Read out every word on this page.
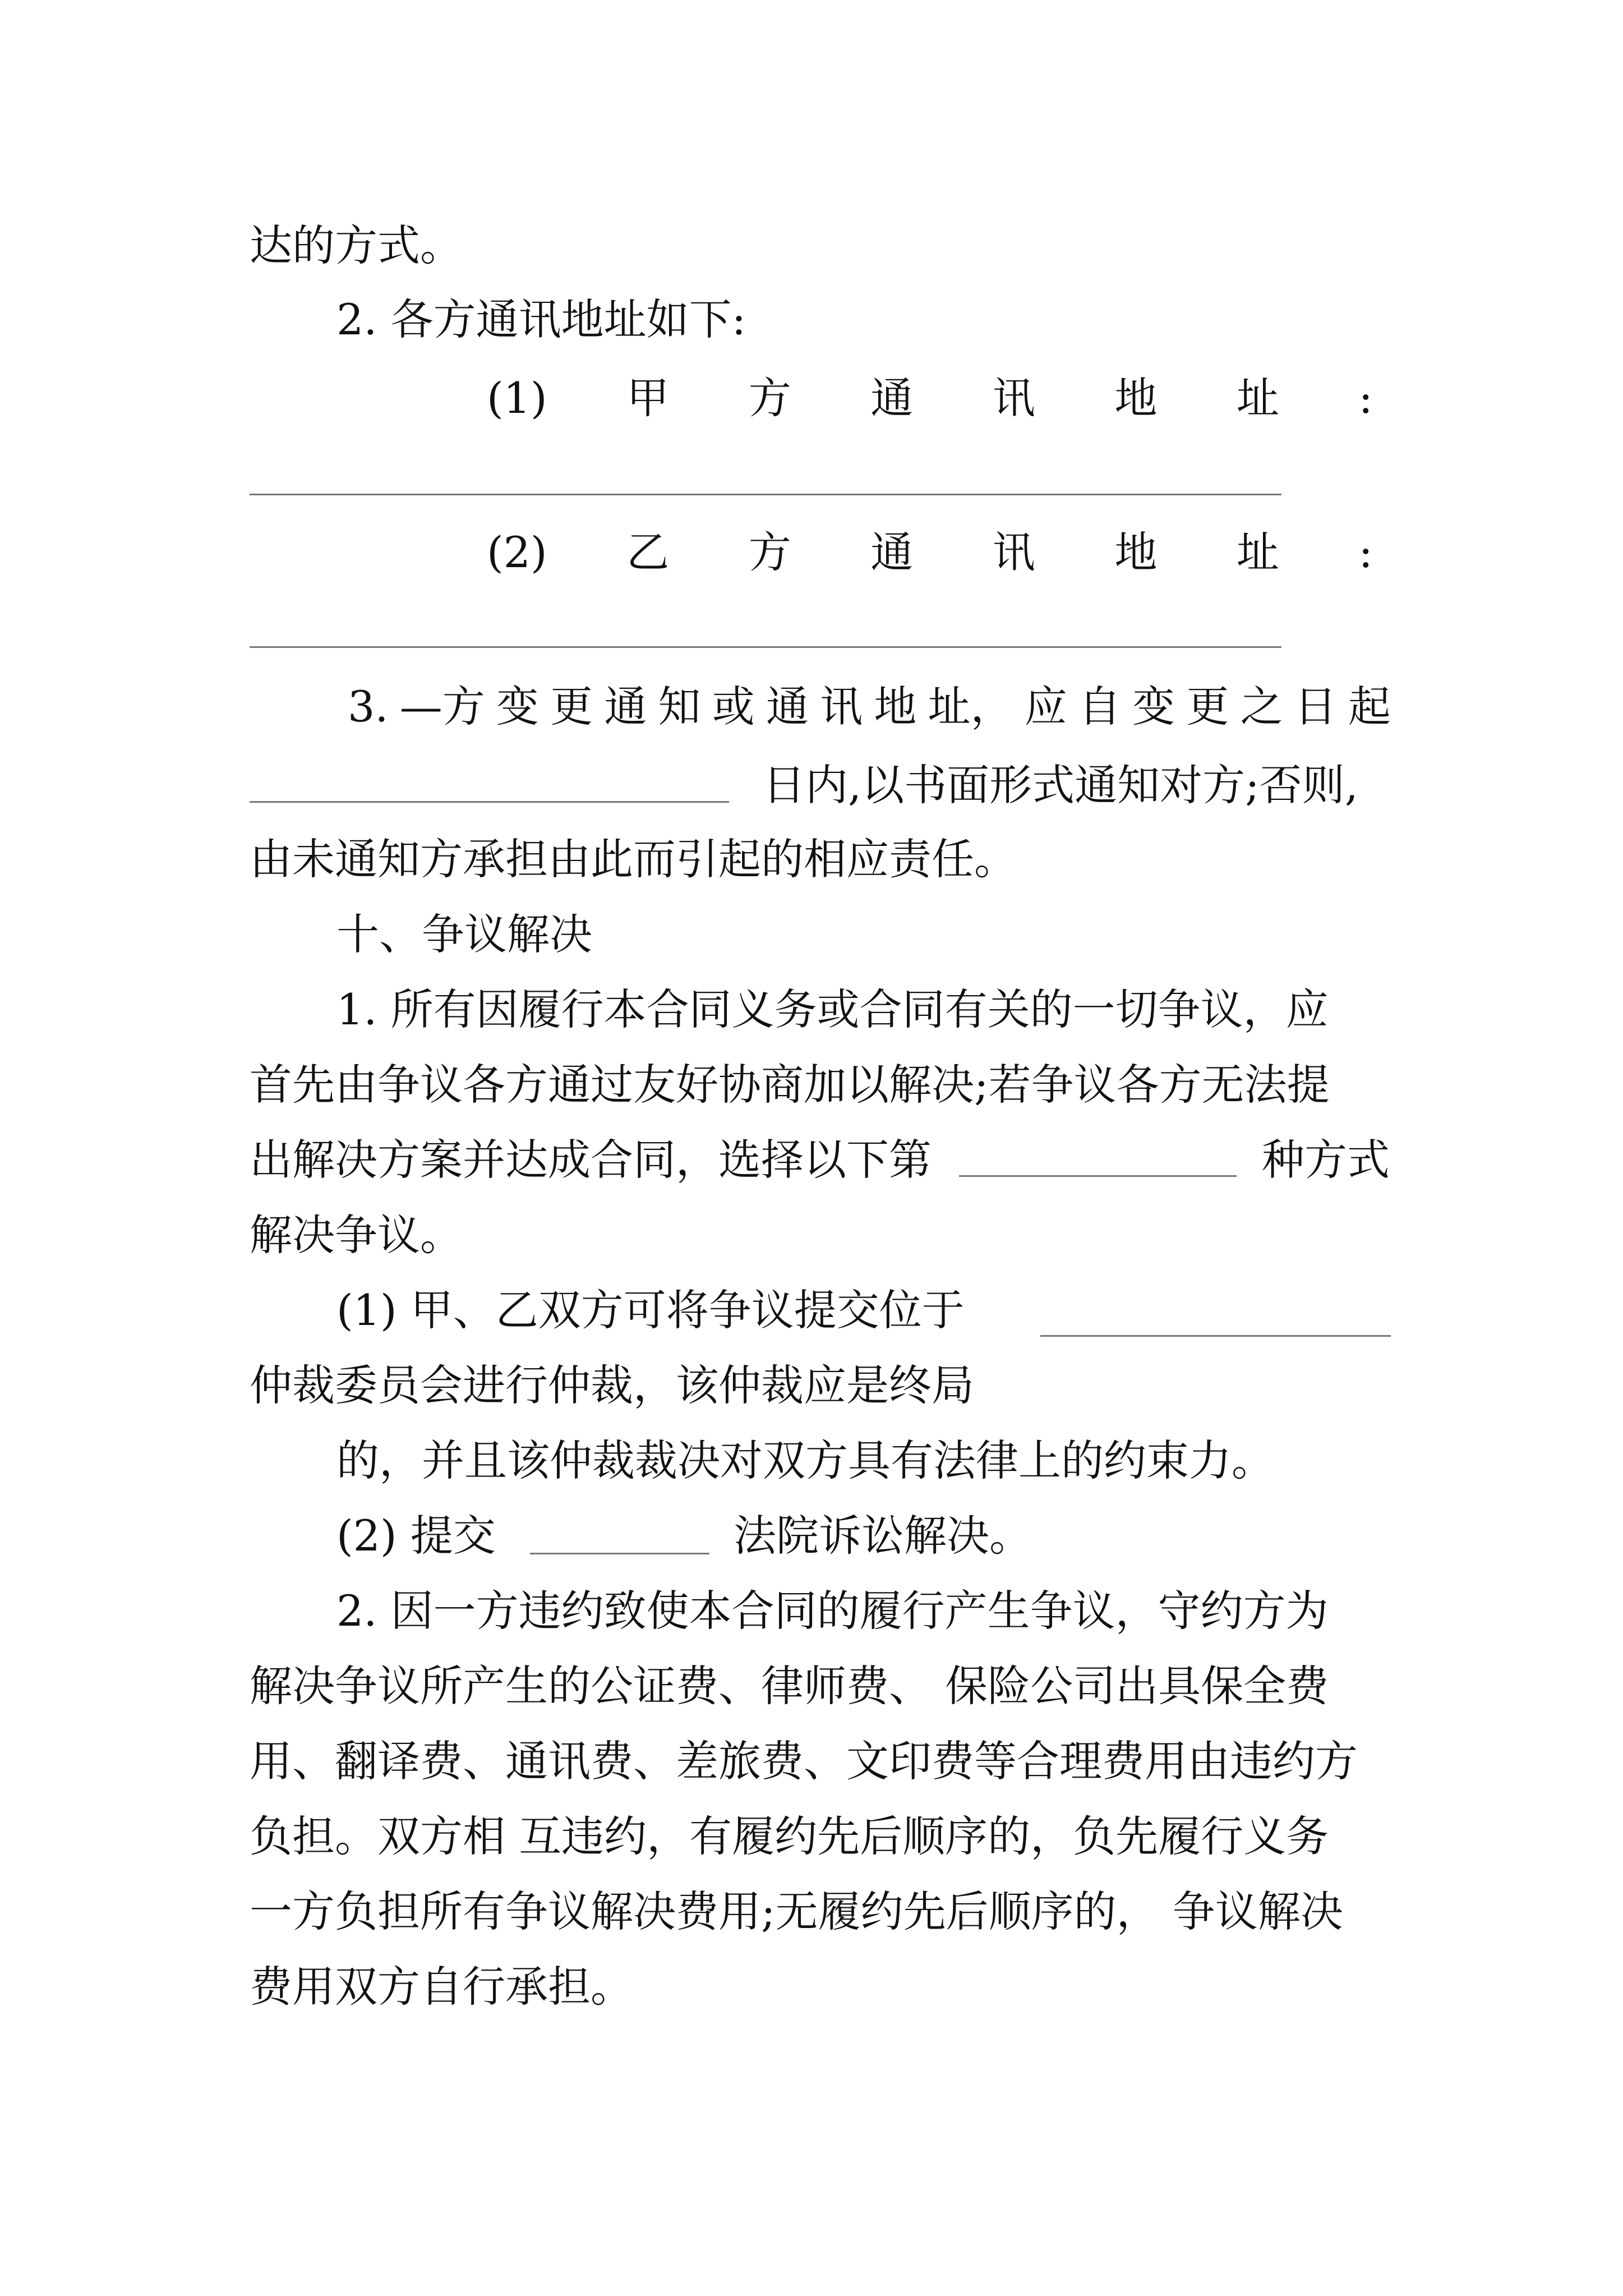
达的方式。
2. 各方通讯地址如下:
(1) 甲 方 通 讯 地 址 :
(2) 乙 方 通 讯 地 址 :
3. —方 变 更 通 知 或 通 讯 地 址， 应 自 变 更 之 日 起
日内,以书面形式通知对方;否则,
由未通知方承担由此而引起的相应责任。
十、争议解决
1. 所有因履行本合同义务或合同有关的一切争议，应
首先由争议各方通过友好协商加以解决;若争议各方无法提
出解决方案并达成合同，选择以下第	种方式
解决争议。
(1) 甲、乙双方可将争议提交位于
仲裁委员会进行仲裁，该仲裁应是终局
的，并且该仲裁裁决对双方具有法律上的约束力。
(2) 提交	法院诉讼解决。
2. 因一方违约致使本合同的履行产生争议，守约方为
解决争议所产生的公证费、律师费、 保险公司出具保全费
用、翻译费、通讯费、差旅费、文印费等合理费用由违约方
负担。双方相 互违约，有履约先后顺序的，负先履行义务
一方负担所有争议解决费用;无履约先后顺序的， 争议解决
费用双方自行承担。
